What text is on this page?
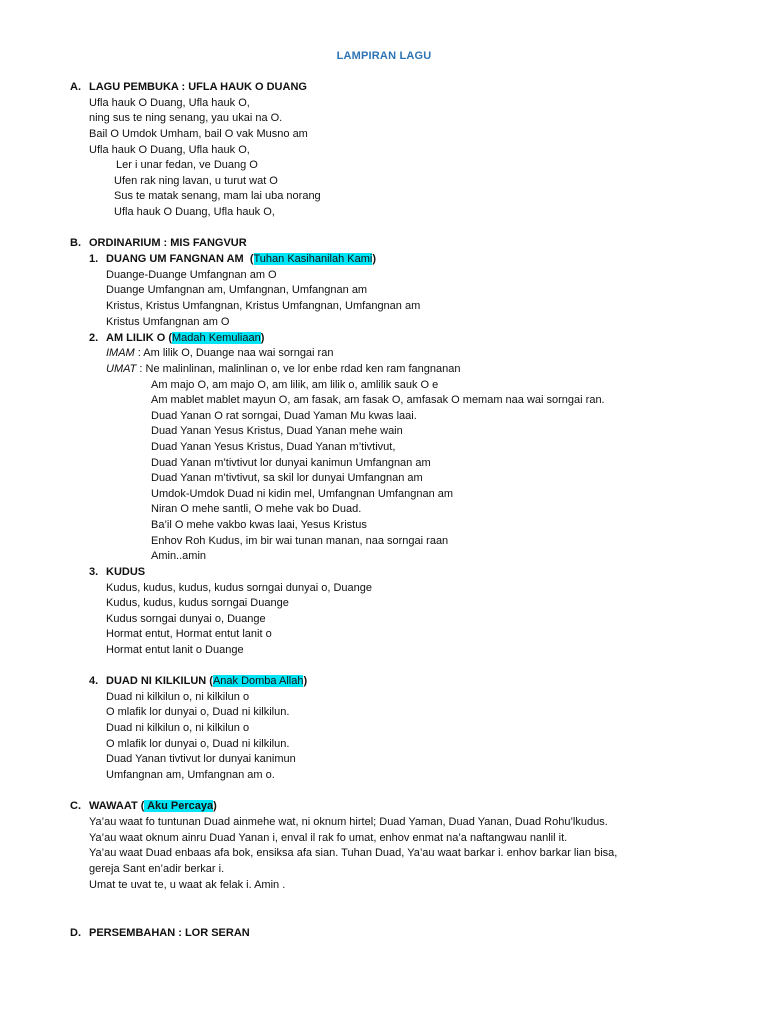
LAMPIRAN LAGU
A. LAGU PEMBUKA : UFLA HAUK O DUANG
Ufla hauk O Duang, Ufla hauk O,
ning sus te ning senang, yau ukai na O.
Bail O Umdok Umham, bail O vak Musno am
Ufla hauk O Duang, Ufla hauk O,
Ler i unar fedan, ve Duang O
Ufen rak ning lavan, u turut wat O
Sus te matak senang, mam lai uba norang
Ufla hauk O Duang, Ufla hauk O,
B. ORDINARIUM : MIS FANGVUR
1. DUANG UM FANGNAN AM (Tuhan Kasihanilah Kami)
Duange-Duange Umfangnan am O
Duange Umfangnan am, Umfangnan, Umfangnan am
Kristus, Kristus Umfangnan, Kristus Umfangnan, Umfangnan am
Kristus Umfangnan am O
2. AM LILIK O (Madah Kemuliaan)
IMAM : Am lilik O, Duange naa wai sorngai ran
UMAT : Ne malinlinan, malinlinan o, ve lor enbe rdad ken ram fangnanan
Am majo O, am majo O, am lilik, am lilik o, amlilik sauk O e
Am mablet mablet mayun O, am fasak, am fasak O, amfasak O memam naa wai sorngai ran.
Duad Yanan O rat sorngai, Duad Yaman Mu kwas laai.
Duad Yanan Yesus Kristus, Duad Yanan mehe wain
Duad Yanan Yesus Kristus, Duad Yanan m’tivtivut,
Duad Yanan m’tivtivut lor dunyai kanimun Umfangnan am
Duad Yanan m’tivtivut, sa skil lor dunyai Umfangnan am
Umdok-Umdok Duad ni kidin mel, Umfangnan Umfangnan am
Niran O mehe santli, O mehe vak bo Duad.
Ba’il O mehe vakbo kwas laai, Yesus Kristus
Enhov Roh Kudus, im bir wai tunan manan, naa sorngai raan
Amin..amin
3. KUDUS
Kudus, kudus, kudus, kudus sorngai dunyai o, Duange
Kudus, kudus, kudus sorngai Duange
Kudus sorngai dunyai o, Duange
Hormat entut, Hormat entut lanit o
Hormat entut lanit o Duange
4. DUAD NI KILKILUN (Anak Domba Allah)
Duad ni kilkilun o, ni kilkilun o
O mlafik lor dunyai o, Duad ni kilkilun.
Duad ni kilkilun o, ni kilkilun o
O mlafik lor dunyai o, Duad ni kilkilun.
Duad Yanan tivtivut lor dunyai kanimun
Umfangnan am, Umfangnan am o.
C. WAWAAT ( Aku Percaya)
Ya’au waat fo tuntunan Duad ainmehe wat, ni oknum hirtel; Duad Yaman, Duad Yanan, Duad Rohu’lkudus.
Ya’au waat oknum ainru Duad Yanan i, enval il rak fo umat, enhov enmat na’a naftangwau nanlil it.
Ya’au waat Duad enbaas afa bok, ensiksa afa sian. Tuhan Duad, Ya’au waat barkar i. enhov barkar lian bisa,
gereja Sant en’adir berkar i.
Umat te uvat te, u waat ak felak i. Amin .
D. PERSEMBAHAN : LOR SERAN
